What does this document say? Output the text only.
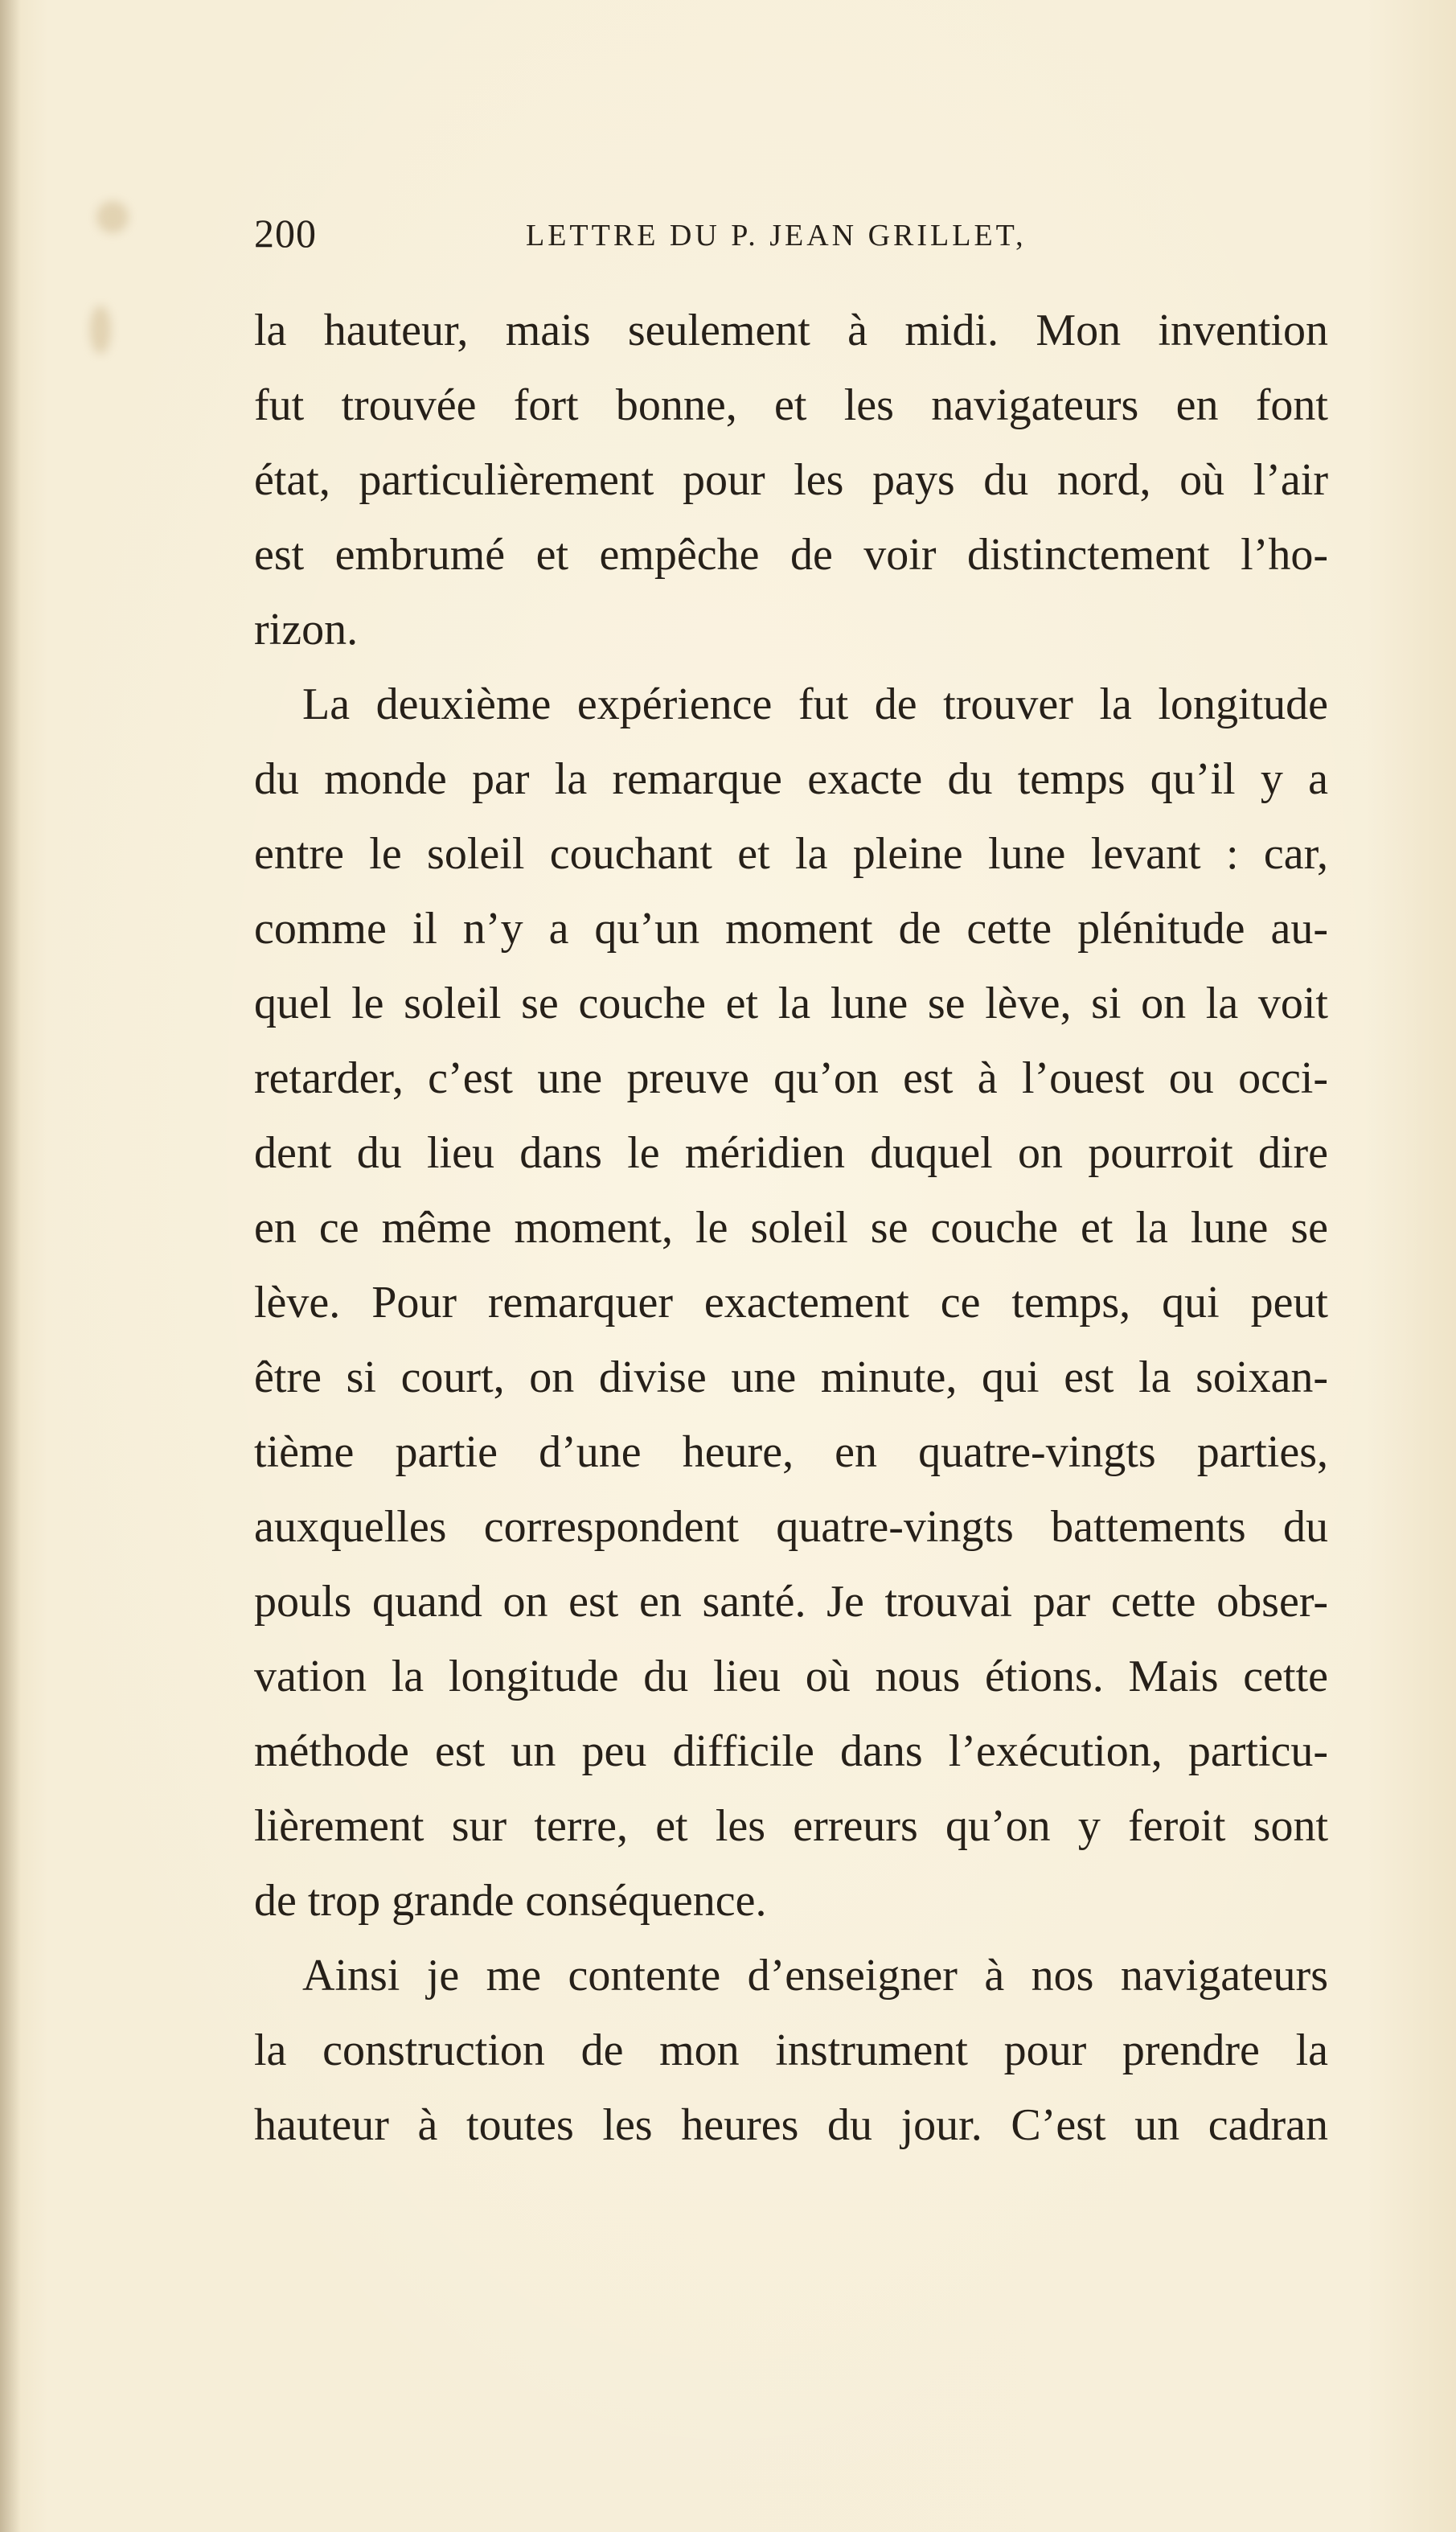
200	LETTRE DU P. JEAN GRILLET,
la hauteur, mais seulement à midi. Mon invention
fut trouvée fort bonne, et les navigateurs en font
état, particulièrement pour les pays du nord, où l’air
est embrumé et empêche de voir distinctement l’ho-
rizon.
La deuxième expérience fut de trouver la longitude
du monde par la remarque exacte du temps qu’il y a
entre le soleil couchant et la pleine lune levant : car,
comme il n’y a qu’un moment de cette plénitude au-
quel le soleil se couche et la lune se lève, si on la voit
retarder, c’est une preuve qu’on est à l’ouest ou occi-
dent du lieu dans le méridien duquel on pourroit dire
en ce même moment, le soleil se couche et la lune se
lève. Pour remarquer exactement ce temps, qui peut
être si court, on divise une minute, qui est la soixan-
tième partie d’une heure, en quatre-vingts parties,
auxquelles correspondent quatre-vingts battements du
pouls quand on est en santé. Je trouvai par cette obser-
vation la longitude du lieu où nous étions. Mais cette
méthode est un peu difficile dans l’exécution, particu-
lièrement sur terre, et les erreurs qu’on y feroit sont
de trop grande conséquence.
Ainsi je me contente d’enseigner à nos navigateurs
la construction de mon instrument pour prendre la
hauteur à toutes les heures du jour. C’est un cadran
